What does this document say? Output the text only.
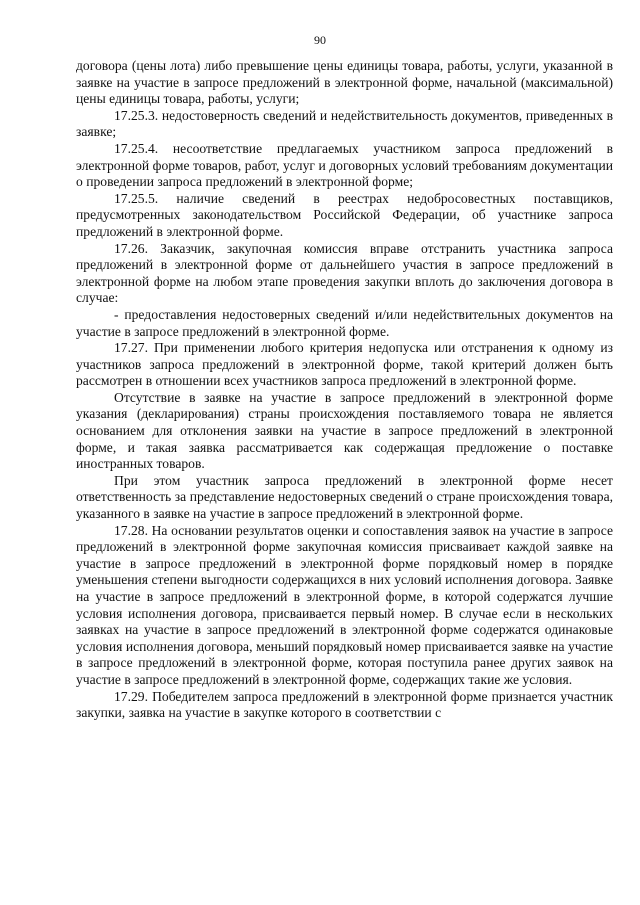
90

договора (цены лота) либо превышение цены единицы товара, работы, услуги, указанной в заявке на участие в запросе предложений в электронной форме, начальной (максимальной) цены единицы товара, работы, услуги;

17.25.3. недостоверность сведений и недействительность документов, приведенных в заявке;

17.25.4. несоответствие предлагаемых участником запроса предложений в электронной форме товаров, работ, услуг и договорных условий требованиям документации о проведении запроса предложений в электронной форме;

17.25.5. наличие сведений в реестрах недобросовестных поставщиков, предусмотренных законодательством Российской Федерации, об участнике запроса предложений в электронной форме.

17.26. Заказчик, закупочная комиссия вправе отстранить участника запроса предложений в электронной форме от дальнейшего участия в запросе предложений в электронной форме на любом этапе проведения закупки вплоть до заключения договора в случае:

- предоставления недостоверных сведений и/или недействительных документов на участие в запросе предложений в электронной форме.

17.27. При применении любого критерия недопуска или отстранения к одному из участников запроса предложений в электронной форме, такой критерий должен быть рассмотрен в отношении всех участников запроса предложений в электронной форме.

Отсутствие в заявке на участие в запросе предложений в электронной форме указания (декларирования) страны происхождения поставляемого товара не является основанием для отклонения заявки на участие в запросе предложений в электронной форме, и такая заявка рассматривается как содержащая предложение о поставке иностранных товаров.

При этом участник запроса предложений в электронной форме несет ответственность за представление недостоверных сведений о стране происхождения товара, указанного в заявке на участие в запросе предложений в электронной форме.

17.28. На основании результатов оценки и сопоставления заявок на участие в запросе предложений в электронной форме закупочная комиссия присваивает каждой заявке на участие в запросе предложений в электронной форме порядковый номер в порядке уменьшения степени выгодности содержащихся в них условий исполнения договора. Заявке на участие в запросе предложений в электронной форме, в которой содержатся лучшие условия исполнения договора, присваивается первый номер. В случае если в нескольких заявках на участие в запросе предложений в электронной форме содержатся одинаковые условия исполнения договора, меньший порядковый номер присваивается заявке на участие в запросе предложений в электронной форме, которая поступила ранее других заявок на участие в запросе предложений в электронной форме, содержащих такие же условия.

17.29. Победителем запроса предложений в электронной форме признается участник закупки, заявка на участие в закупке которого в соответствии с
